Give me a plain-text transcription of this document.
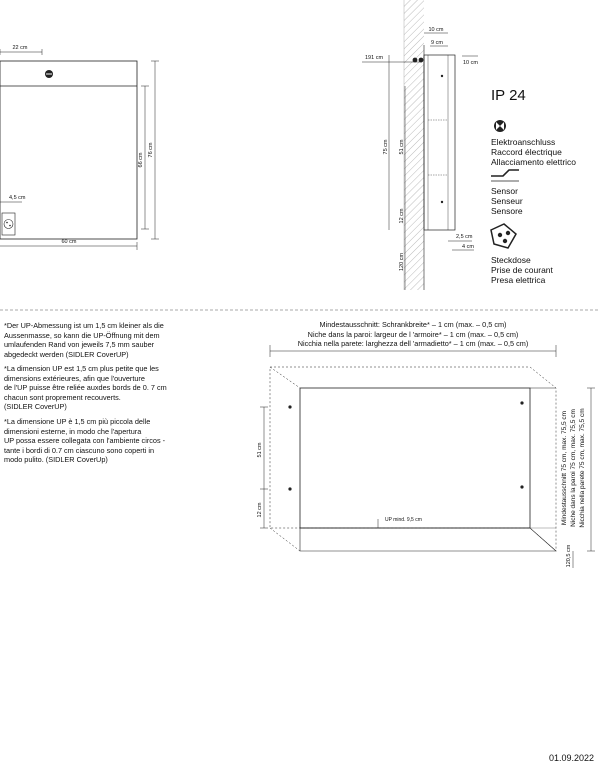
22 cm
4,5 cm
60 cm
66 cm
76 cm
10 cm
9 cm
10 cm
191 cm
75 cm 51 cm
12 cm
120 cm
2,5 cm
4 cm
51 cm
12 cm
120,5 cm
UP mind. 9,5 cm	Mindestausschnitt 75 cm, max. 75,5 cm Niche dans la paroi 75 cm, max. 75,5 cm Nicchia nella parete 75 cm, max. 75,5 cm
IP 24
Elektroanschluss
Raccord électrique
Allacciamento elettrico
Sensor
Senseur
Sensore
Steckdose
Prise de courant
Presa elettrica
*Der UP-Abmessung ist um 1,5 cm kleiner als die
Aussenmasse, so kann die UP-Öffnung mit dem
umlaufenden Rand von jeweils 7,5 mm sauber
abgedeckt werden (SIDLER CoverUP)
*La dimension UP est 1,5 cm plus petite que les
dimensions extérieures, afin que l'ouverture
de l'UP puisse être reliée auxdes bords de 0. 7 cm
chacun sont proprement recouverts.
(SIDLER CoverUP)
*La dimensione UP è 1,5 cm più piccola delle
dimensioni esterne, in modo che l'apertura
UP possa essere collegata con l'ambiente circos -
tante i bordi di 0.7 cm ciascuno sono coperti in
modo pulito. (SIDLER CoverUp)
Mindestausschnitt: Schrankbreite* – 1 cm (max. – 0,5 cm)
Niche dans la paroi: largeur de l 'armoire* – 1 cm (max. – 0,5 cm)
Nicchia nella parete: larghezza dell 'armadietto* – 1 cm (max. – 0,5 cm)
01.09.2022
